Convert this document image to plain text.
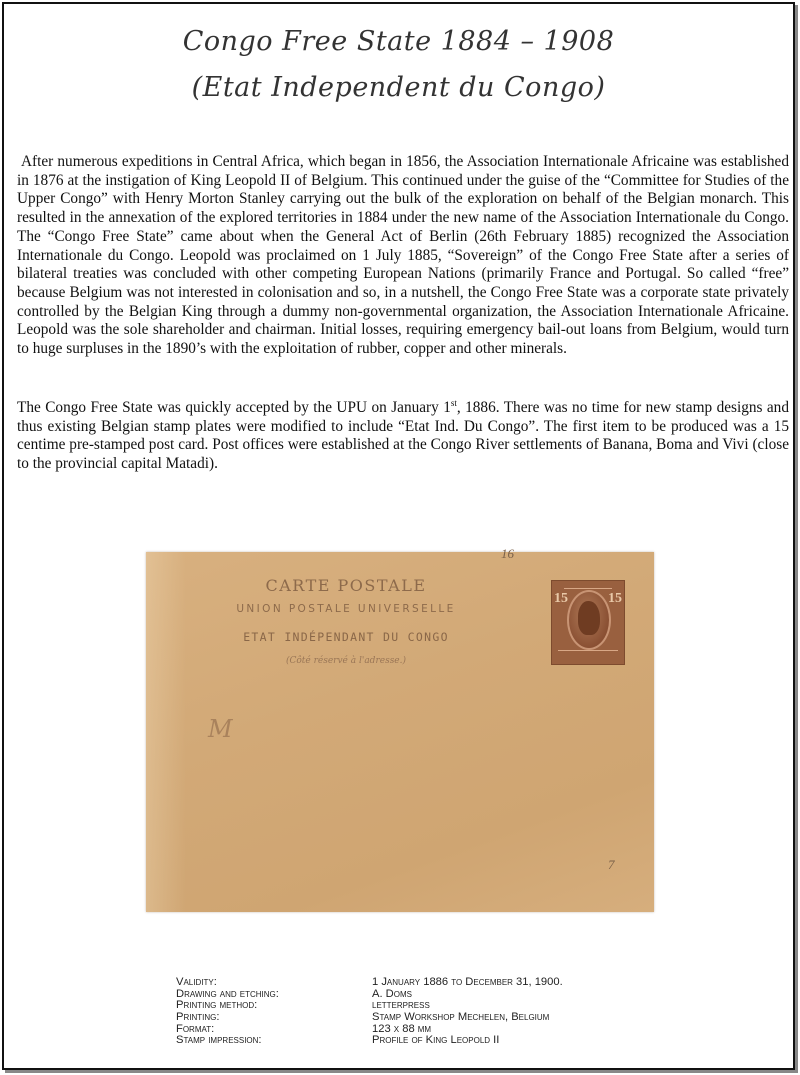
Congo Free State 1884 – 1908
(Etat Independent du Congo)

After numerous expeditions in Central Africa, which began in 1856, the Association Internationale Africaine was established in 1876 at the instigation of King Leopold II of Belgium. This continued under the guise of the “Committee for Studies of the Upper Congo” with Henry Morton Stanley carrying out the bulk of the exploration on behalf of the Belgian monarch. This resulted in the annexation of the explored territories in 1884 under the new name of the Association Internationale du Congo. The “Congo Free State” came about when the General Act of Berlin (26th February 1885) recognized the Association Internationale du Congo. Leopold was proclaimed on 1 July 1885, “Sovereign” of the Congo Free State after a series of bilateral treaties was concluded with other competing European Nations (primarily France and Portugal. So called “free” because Belgium was not interested in colonisation and so, in a nutshell, the Congo Free State was a corporate state privately controlled by the Belgian King through a dummy non-governmental organization, the Association Internationale Africaine. Leopold was the sole shareholder and chairman. Initial losses, requiring emergency bail-out loans from Belgium, would turn to huge surpluses in the 1890’s with the exploitation of rubber, copper and other minerals.

The Congo Free State was quickly accepted by the UPU on January 1st, 1886. There was no time for new stamp designs and thus existing Belgian stamp plates were modified to include “Etat Ind. Du Congo”. The first item to be produced was a 15 centime pre-stamped post card. Post offices were established at the Congo River settlements of Banana, Boma and Vivi (close to the provincial capital Matadi).

16
CARTE POSTALE
UNION POSTALE UNIVERSELLE
ETAT INDÉPENDANT DU CONGO
(Côté réservé à l'adresse.)
M
15	15
7
Validity:	1 January 1886 to December 31, 1900.
Drawing and etching:	A. Doms
Printing method:	letterpress
Printing:	Stamp Workshop Mechelen, Belgium
Format:	123 x 88 mm
Stamp impression:	Profile of King Leopold II
